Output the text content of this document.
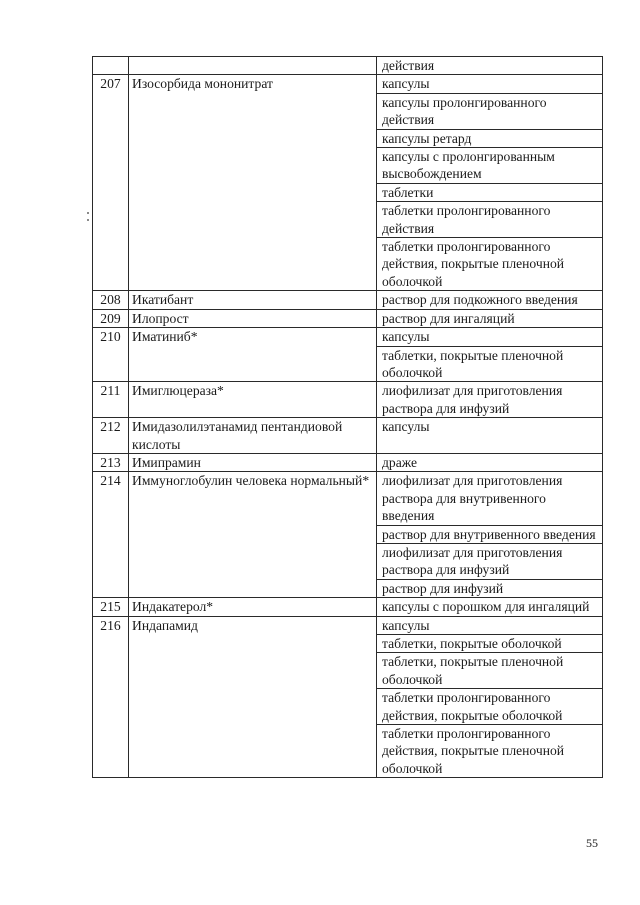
		действия
207	Изосорбида мононитрат	капсулы
		капсулы пролонгированного действия
		капсулы ретард
		капсулы с пролонгированным высвобождением
		таблетки
		таблетки пролонгированного действия
		таблетки пролонгированного действия, покрытые пленочной оболочкой
208	Икатибант	раствор для подкожного введения
209	Илопрост	раствор для ингаляций
210	Иматиниб*	капсулы
		таблетки, покрытые пленочной оболочкой
211	Имиглюцераза*	лиофилизат для приготовления раствора для инфузий
212	Имидазолилэтанамид пентандиовой кислоты	капсулы
213	Имипрамин	драже
214	Иммуноглобулин человека нормальный*	лиофилизат для приготовления раствора для внутривенного введения
		раствор для внутривенного введения
		лиофилизат для приготовления раствора для инфузий
		раствор для инфузий
215	Индакатерол*	капсулы с порошком для ингаляций
216	Индапамид	капсулы
		таблетки, покрытые оболочкой
		таблетки, покрытые пленочной оболочкой
		таблетки пролонгированного действия, покрытые оболочкой
		таблетки пролонгированного действия, покрытые пленочной оболочкой
55
